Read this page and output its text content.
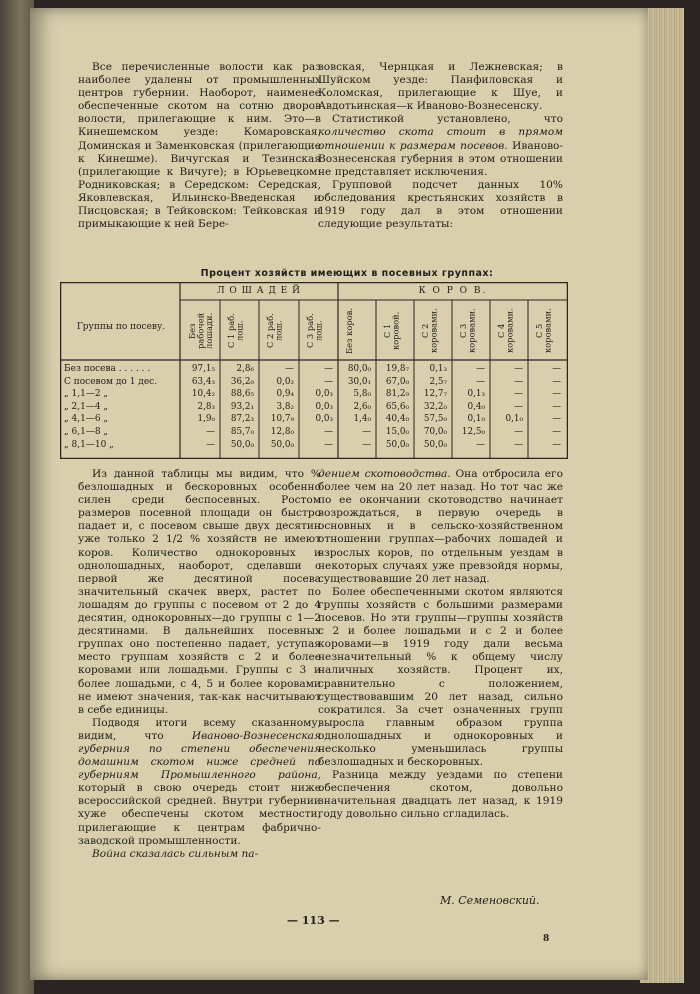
Все перечисленные волости как раз наиболее удалены от промышленных центров губернии. Наоборот, наименее обеспеченные скотом на сотню дворов волости, прилегающие к ним. Это—в Кинешемском уезде: Комаровская, Доминская и Заменковская (прилегающие к Кинешме). Вичугская и Тезинская (прилегающие к Вичуге); в Юрьевецком: Родниковская; в Середском: Середская, Яковлевская, Ильинско-Введенская и Писцовская; в Тейковском: Тейковская и примыкающие к ней Бере-

зовская, Чернцкая и Лежневская; в Шуйском уезде: Панфиловская и Коломская, прилегающие к Шуе, и Авдотьинская—к Иваново-Вознесенску.

Статистикой установлено, что количество скота стоит в прямом отношении к размерам посевов. Иваново-Вознесенская губерния в этом отношении не представляет исключения.

Групповой подсчет данных 10% обследования крестьянских хозяйств в 1919 году дал в этом отношении следующие результаты:

Процент хозяйств имеющих в посевных группах:
Группы по посеву.
Л О Ш А Д Е Й	К О Р О В.
Без рабочей лошади. С 1 раб. лош.	С 2 раб. лош.	С 3 раб. лош.	Без коров.	С 1 коровой.	С 2 коровами.	С 3 коровами.	С 4 коровами.	С 5 коровами.
Без посева . . . . . .	97,1₅	2,8₆	—	—	80,0₀	19,8₇	0,1₃	—	—	—
С посевом до 1 дес.	63,4₃	36,2₀	0,0₂	—	30,0₁	67,0₀	2,5₇	—	—	—
„ 1,1—2 „	10,4₂	88,6₅	0,9₄	0,0₃	5,8₀	81,2₉	12,7₇	0,1₃	—	—
„ 2,1—4 „	2,8₃	93,2₁	3,8₂	0,0₃	2,6₀	65,6₀	32,2₀	0,4₀	—	—
„ 4,1—6 „	1,9₀	87,2₃	10,7₉	0,0₃	1,4₀	40,4₀	57,5₀	0,1₀	0,1₀	—
„ 6,1—8 „	—	85,7₀	12,8₀	—	—	15,0₀	70,0₀	12,5₀	—	—
„ 8,1—10 „	—	50,0₀	50,0₀	—	—	50,0₀	50,0₀	—	—	—

Из данной таблицы мы видим, что % безлошадных и бескоровных особенно силен среди беспосевных. Ростом размеров посевной площади он быстро падает и, с посевом свыше двух десятин уже только 2 1/2 % хозяйств не имеют коров. Количество однокоровных и однолошадных, наоборот, сделавши с первой же десятиной посева значительный скачек вверх, растет по лошадям до группы с посевом от 2 до 4 десятин, однокоровных—до группы с 1—2 десятинами. В дальнейших посевных группах оно постепенно падает, уступая место группам хозяйств с 2 и более коровами или лошадьми. Группы с 3 и более лошадьми, с 4, 5 и более коровами не имеют значения, так-как насчитывают в себе единицы.

Подводя итоги всему сказанному, видим, что Иваново-Вознесенская губерния по степени обеспечения домашним скотом ниже средней по губерниям Промышленного района, который в свою очередь стоит ниже всероссийской средней. Внутри губернии хуже обеспечены скотом местности, прилегающие к центрам фабрично-заводской промышленности.

Война сказалась сильным па-

дением скотоводства. Она отбросила его более чем на 20 лет назад. Но тот час же по ее окончании скотоводство начинает возрождаться, в первую очередь в основных и в сельско-хозяйственном отношении группах—рабочих лошадей и взрослых коров, по отдельным уездам в некоторых случаях уже превзойдя нормы, существовавшие 20 лет назад.

Более обеспеченными скотом являются группы хозяйств с большими размерами посевов. Но эти группы—группы хозяйств с 2 и более лошадьми и с 2 и более коровами—в 1919 году дали весьма незначительный % к общему числу наличных хозяйств. Процент их, сравнительно с положением, существовавшим 20 лет назад, сильно сократился. За счет означенных групп выросла главным образом группа однолошадных и однокоровных и несколько уменьшилась группы безлошадных и бескоровных.

Разница между уездами по степени обеспечения скотом, довольно значительная двадцать лет назад, к 1919 году довольно сильно сгладилась.

М. Семеновский.
— 113 —
8
